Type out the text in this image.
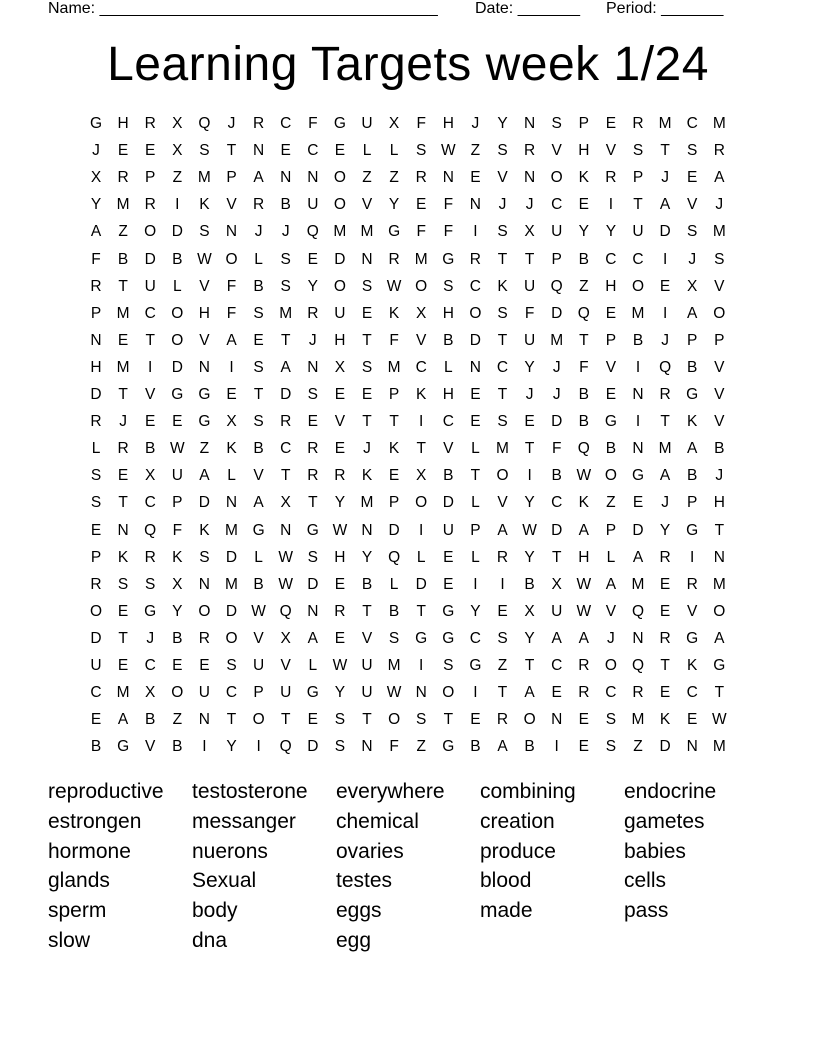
Name: ______________________________________

Date: _______

Period: _______

Learning Targets week 1/24
G H	R	X	Q	J	R	C	F	G U	X	F	H	J	Y	N	S	P	E	R M C M
J	E	E	X	S	T	N	E	C	E	L	L	S W Z	S	R	V	H	V	S	T	S	R
X	R	P	Z	M P	A	N	N O	Z	Z	R	N	E	V	N O	K	R	P	J	E	A
Y M R	I	K	V	R	B	U O	V	Y	E	F	N	J	J	C	E	I	T	A	V	J
A	Z	O D	S	N	J	J	Q M M G	F	F	I	S	X	U	Y	Y	U	D	S M
F	B	D	B W O	L	S	E	D	N	R M G R	T	T	P	B	C	C	I	J	S
R	T	U	L	V	F	B	S	Y	O	S W O	S	C	K	U Q	Z	H O	E	X	V
P M C O H	F	S M R	U	E	K	X	H O	S	F	D Q	E M	I	A	O
N	E	T	O	V	A	E	T	J	H	T	F	V	B	D	T	U M	T	P	B	J	P	P
H M	I	D	N	I	S	A	N	X	S M C	L	N	C	Y	J	F	V	I	Q	B	V
D	T	V	G G	E	T	D	S	E	E	P	K	H	E	T	J	J	B	E	N	R G	V
R	J	E	E	G	X	S	R	E	V	T	T	I	C	E	S	E	D	B	G	I	T	K	V
L	R	B W Z	K	B	C	R	E	J	K	T	V	L	M	T	F	Q	B	N M A	B
S	E	X	U	A	L	V	T	R	R	K	E	X	B	T	O	I	B W O G	A	B	J
S	T	C	P	D	N	A	X	T	Y M P	O D	L	V	Y	C	K	Z	E	J	P	H
E	N Q	F	K M G N G W N	D	I	U	P	A W D	A	P	D	Y	G	T
P	K	R	K	S	D	L W S	H	Y	Q	L	E	L	R	Y	T	H	L	A	R	I	N
R	S	S	X	N M B W D	E	B	L	D	E	I	I	B	X W A M E	R M
O	E	G	Y	O D W Q N	R	T	B	T	G	Y	E	X	U W V	Q	E	V	O
D	T	J	B	R O	V	X	A	E	V	S	G G C	S	Y	A	A	J	N	R G	A
U	E	C	E	E	S	U	V	L W U M	I	S	G	Z	T	C	R O Q	T	K	G
C M X	O U	C	P	U G	Y	U W N O	I	T	A	E	R	C	R	E	C	T
E	A	B	Z	N	T	O	T	E	S	T	O	S	T	E	R O N	E	S M K	E W
B	G	V	B	I	Y	I	Q D	S	N	F	Z	G	B	A	B	I	E	S	Z	D	N M
reproductive
estrongen
hormone
glands
sperm
slow
testosterone
messanger
nuerons
Sexual
body
dna
everywhere
chemical
ovaries
testes
eggs
egg
combining
creation
produce
blood
made
endocrine
gametes
babies
cells
pass
